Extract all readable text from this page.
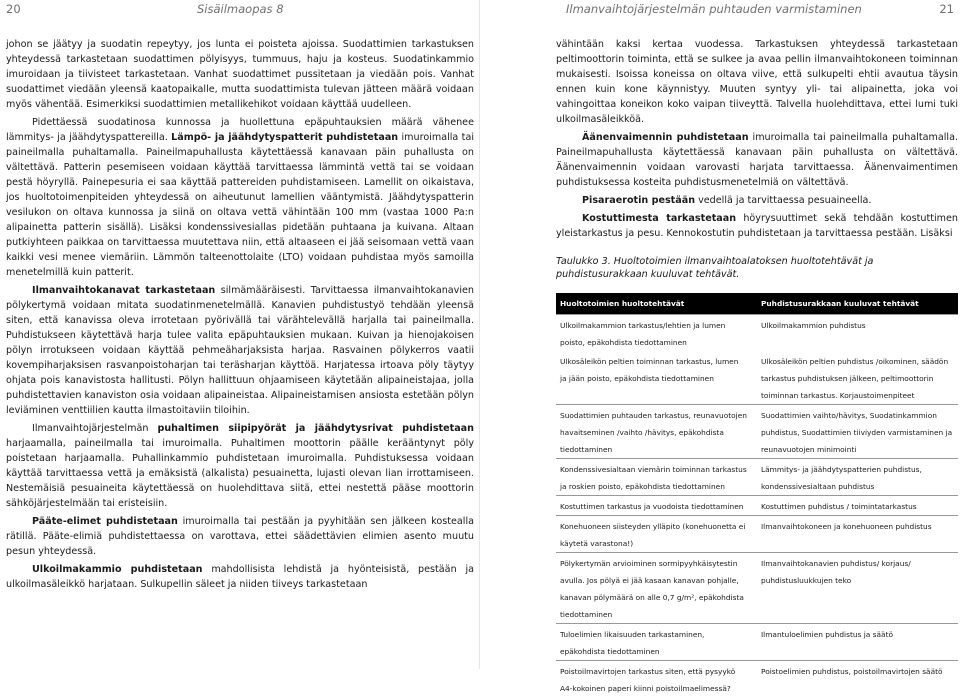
20	Sisäilmaopas 8

johon se jäätyy ja suodatin repeytyy, jos lunta ei poisteta ajoissa. Suodattimien tarkastuksen yhteydessä tarkastetaan suodattimen pölyisyys, tummuus, haju ja kosteus. Suodatinkammio imuroidaan ja tiivisteet tarkastetaan. Vanhat suodattimet pussitetaan ja viedään pois. Vanhat suodattimet viedään yleensä kaatopaikalle, mutta suodattimista tulevan jätteen määrä voidaan myös vähentää. Esimerkiksi suodattimien metallikehikot voidaan käyttää uudelleen.

Pidettäessä suodatinosa kunnossa ja huollettuna epäpuhtauksien määrä vähenee lämmitys- ja jäähdytyspattereilla. Lämpö- ja jäähdytyspatterit puhdistetaan imuroimalla tai paineilmalla puhaltamalla. Paineilmapuhallusta käytettäessä kanavaan päin puhallusta on vältettävä. Patterin pesemiseen voidaan käyttää tarvittaessa lämmintä vettä tai se voidaan pestä höyryllä. Painepesuria ei saa käyttää pattereiden puhdistamiseen. Lamellit on oikaistava, jos huoltotoimenpiteiden yhteydessä on aiheutunut lamellien vääntymistä. Jäähdytyspatterin vesilukon on oltava kunnossa ja siinä on oltava vettä vähintään 100 mm (vastaa 1000 Pa:n alipainetta patterin sisällä). Lisäksi kondenssivesiallas pidetään puhtaana ja kuivana. Altaan putkiyhteen paikkaa on tarvittaessa muutettava niin, että altaaseen ei jää seisomaan vettä vaan kaikki vesi menee viemäriin. Lämmön talteenottolaite (LTO) voidaan puhdistaa myös samoilla menetelmillä kuin patterit.

Ilmanvaihtokanavat tarkastetaan silmämääräisesti. Tarvittaessa ilmanvaihtokanavien pölykertymä voidaan mitata suodatinmenetelmällä. Kanavien puhdistustyö tehdään yleensä siten, että kanavissa oleva irrotetaan pyörivällä tai värähtelevällä harjalla tai paineilmalla. Puhdistukseen käytettävä harja tulee valita epäpuhtauksien mukaan. Kuivan ja hienojakoisen pölyn irrotukseen voidaan käyttää pehmeäharjaksista harjaa. Rasvainen pölykerros vaatii kovempiharjaksisen rasvanpoistoharjan tai teräsharjan käyttöä. Harjatessa irtoava pöly täytyy ohjata pois kanavistosta hallitusti. Pölyn hallittuun ohjaamiseen käytetään alipaineistajaa, jolla puhdistettavien kanaviston osia voidaan alipaineistaa. Alipaineistamisen ansiosta estetään pölyn leviäminen venttiilien kautta ilmastoitaviin tiloihin.

Ilmanvaihtojärjestelmän puhaltimen siipipyörät ja jäähdytysrivat puhdistetaan harjaamalla, paineilmalla tai imuroimalla. Puhaltimen moottorin päälle kerääntynyt pöly poistetaan harjaamalla. Puhallinkammio puhdistetaan imuroimalla. Puhdistuksessa voidaan käyttää tarvittaessa vettä ja emäksistä (alkalista) pesuainetta, lujasti olevan lian irrottamiseen. Nestemäisiä pesuaineita käytettäessä on huolehdittava siitä, ettei nestettä pääse moottorin sähköjärjestelmään tai eristeisiin.

Pääte-elimet puhdistetaan imuroimalla tai pestään ja pyyhitään sen jälkeen kostealla rätillä. Pääte-elimiä puhdistettaessa on varottava, ettei säädettävien elimien asento muutu pesun yhteydessä.

Ulkoilmakammio puhdistetaan mahdollisista lehdistä ja hyönteisistä, pestään ja ulkoilmasäleikkö harjataan. Sulkupellin säleet ja niiden tiiveys tarkastetaan

Ilmanvaihtojärjestelmän puhtauden varmistaminen	21

vähintään kaksi kertaa vuodessa. Tarkastuksen yhteydessä tarkastetaan peltimoottorin toiminta, että se sulkee ja avaa pellin ilmanvaihtokoneen toiminnan mukaisesti. Isoissa koneissa on oltava viive, että sulkupelti ehtii avautua täysin ennen kuin kone käynnistyy. Muuten syntyy yli- tai alipainetta, joka voi vahingoittaa koneikon koko vaipan tiiveyttä. Talvella huolehdittava, ettei lumi tuki ulkoilmasäleikköä.

Äänenvaimennin puhdistetaan imuroimalla tai paineilmalla puhaltamalla. Paineilmapuhallusta käytettäessä kanavaan päin puhallusta on vältettävä. Äänenvaimennin voidaan varovasti harjata tarvittaessa. Äänenvaimentimen puhdistuksessa kosteita puhdistusmenetelmiä on vältettävä.

Pisaraerotin pestään vedellä ja tarvittaessa pesuaineella.

Kostuttimesta tarkastetaan höyrysuuttimet sekä tehdään kostuttimen yleistarkastus ja pesu. Kennokostutin puhdistetaan ja tarvittaessa pestään. Lisäksi

Taulukko 3. Huoltotoimien ilmanvaihtoalatoksen huoltotehtävät ja puhdistusurakkaan kuuluvat tehtävät.
Huoltotoimien huoltotehtävät	Puhdistusurakkaan kuuluvat tehtävät
Ulkoilmakammion tarkastus/lehtien ja lumen poisto, epäkohdista tiedottaminen	Ulkoilmakammion puhdistus
Ulkosäleikön peltien toiminnan tarkastus, lumen ja jään poisto, epäkohdista tiedottaminen	Ulkosäleikön peltien puhdistus /oikominen, säädön tarkastus puhdistuksen jälkeen, peltimoottorin toiminnan tarkastus. Korjaustoimenpiteet
Suodattimien puhtauden tarkastus, reunavuotojen havaitseminen /vaihto /hävitys, epäkohdista tiedottaminen	Suodattimien vaihto/hävitys, Suodatinkammion puhdistus, Suodattimien tiiviyden varmistaminen ja reunavuotojen minimointi
Kondenssivesialtaan viemärin toiminnan tarkastus ja roskien poisto, epäkohdista tiedottaminen	Lämmitys- ja jäähdytyspatterien puhdistus, kondenssivesialtaan puhdistus
Kostuttimen tarkastus ja vuodoista tiedottaminen	Kostuttimen puhdistus / toimintatarkastus
Konehuoneen siisteyden ylläpito (konehuonetta ei käytetä varastona!)	Ilmanvaihtokoneen ja konehuoneen puhdistus
Pölykertymän arvioiminen sormipyyhkäisytestin avulla. Jos pölyä ei jää kasaan kanavan pohjalle, kanavan pölymäärä on alle 0,7 g/m², epäkohdista tiedottaminen	Ilmanvaihtokanavien puhdistus/ korjaus/ puhdistusluukkujen teko
Tuloelimien likaisuuden tarkastaminen, epäkohdista tiedottaminen	Ilmantuloelimien puhdistus ja säätö
Poistoilmavirtojen tarkastus siten, että pysyykö A4-kokoinen paperi kiinni poistoilmaelimessä?	Poistoelimien puhdistus, poistoilmavirtojen säätö
